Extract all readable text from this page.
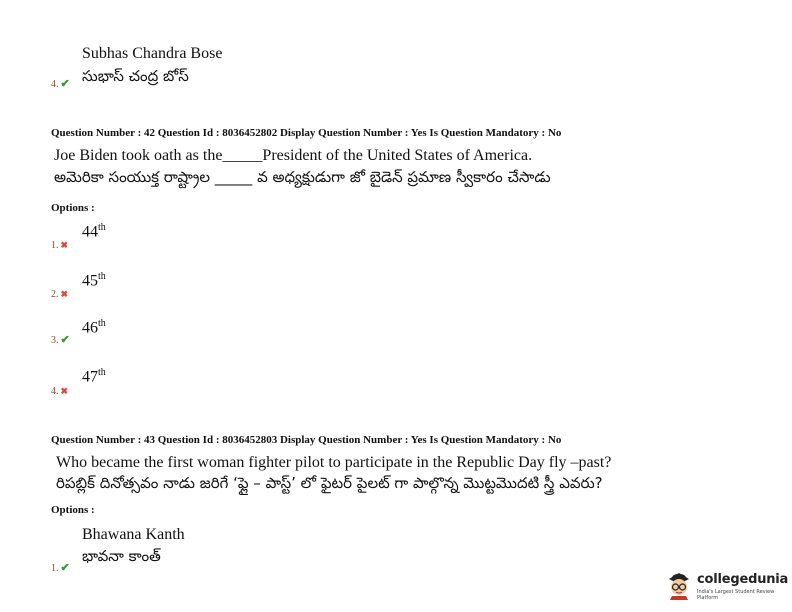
Subhas Chandra Bose
4. ✔ సుభాస్ చంద్ర బోస్
Question Number : 42 Question Id : 8036452802 Display Question Number : Yes Is Question Mandatory : No
Joe Biden took oath as the_____President of the United States of America.
అమెరికా సంయుక్త రాష్ట్రాల _____ వ అధ్యక్షుడుగా జో బైడెన్ ప్రమాణ స్వీకారం చేసాడు
Options :
1. ✖
44th
2. ✖
45th
3. ✔
46th
4. ✖
47th
Question Number : 43 Question Id : 8036452803 Display Question Number : Yes Is Question Mandatory : No
Who became the first woman fighter pilot to participate in the Republic Day fly –past?
రిపబ్లిక్ దినోత్సవం నాడు జరిగే ‘ఫ్లై – పాస్ట్’ లో ఫైటర్ పైలట్ గా పాల్గొన్న మొట్టమొదటి స్త్రీ ఎవరు?
Options :
Bhawana Kanth
1. ✔
భావనా కాంత్
collegedunia
India's Largest Student Review Platform
